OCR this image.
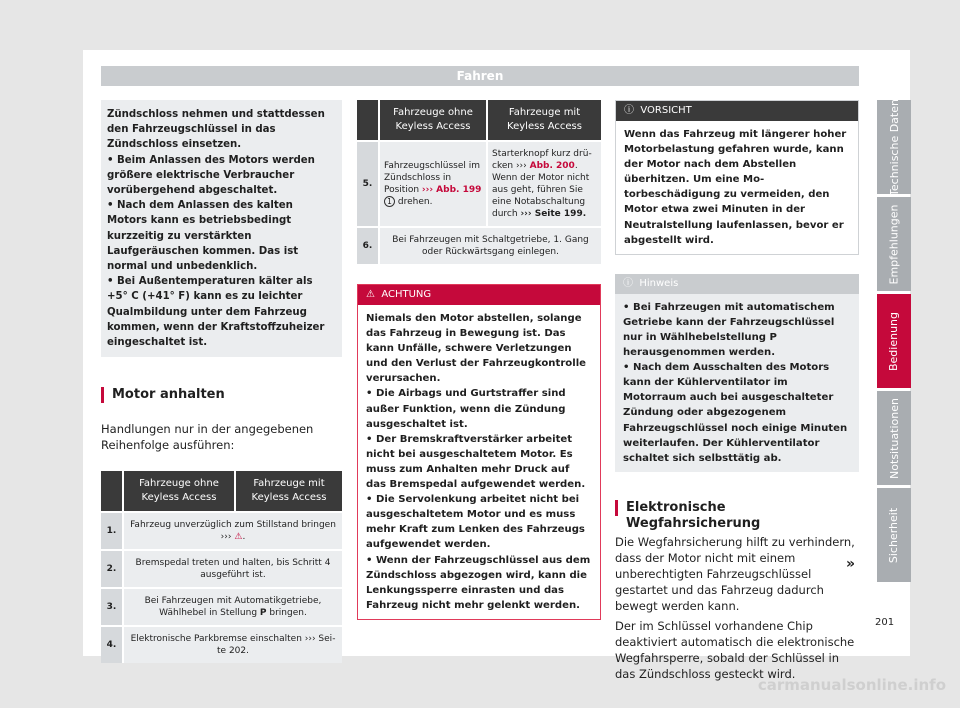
Fahren

Zündschloss nehmen und stattdessen den Fahrzeugschlüssel in das Zündschloss einsetzen.

• Beim Anlassen des Motors werden größere elektrische Verbraucher vorübergehend abgeschaltet.

• Nach dem Anlassen des kalten Motors kann es betriebsbedingt kurzzeitig zu verstärkten Laufgeräuschen kommen. Das ist normal und unbedenklich.

• Bei Außentemperaturen kälter als +5° C (+41° F) kann es zu leichter Qualmbildung unter dem Fahrzeug kommen, wenn der Kraftstoffzuheizer eingeschaltet ist.

Motor anhalten

Handlungen nur in der angegebenen Reihenfolge ausführen:

	Fahrzeuge ohne Keyless Access	Fahrzeuge mit Keyless Access
1.	Fahrzeug unverzüglich zum Stillstand bringen ››› ⚠.	
2.	Bremspedal treten und halten, bis Schritt 4 ausgeführt ist.	
3.	Bei Fahrzeugen mit Automatikgetriebe, Wählhebel in Stellung P bringen.	
4.	Elektronische Parkbremse einschalten ››› Seite 202.	
	Fahrzeuge ohne Keyless Access	Fahrzeuge mit Keyless Access
5.	Fahrzeugschlüssel im Zündschloss in Position ››› Abb. 199 1 drehen.	Starterknopf kurz drücken ››› Abb. 200. Wenn der Motor nicht aus geht, führen Sie eine Notabschaltung durch ››› Seite 199.
6.	Bei Fahrzeugen mit Schaltgetriebe, 1. Gang oder Rückwärtsgang einlegen.	
⚠ ACHTUNG

Niemals den Motor abstellen, solange das Fahrzeug in Bewegung ist. Das kann Unfälle, schwere Verletzungen und den Verlust der Fahrzeugkontrolle verursachen.

• Die Airbags und Gurtstraffer sind außer Funktion, wenn die Zündung ausgeschaltet ist.

• Der Bremskraftverstärker arbeitet nicht bei ausgeschaltetem Motor. Es muss zum Anhalten mehr Druck auf das Bremspedal aufgewendet werden.

• Die Servolenkung arbeitet nicht bei ausgeschaltetem Motor und es muss mehr Kraft zum Lenken des Fahrzeugs aufgewendet werden.

• Wenn der Fahrzeugschlüssel aus dem Zündschloss abgezogen wird, kann die Lenkungssperre einrasten und das Fahrzeug nicht mehr gelenkt werden.

ⓘ VORSICHT
Wenn das Fahrzeug mit längerer hoher Motorbelastung gefahren wurde, kann der Motor nach dem Abstellen überhitzen. Um eine Motorbeschädigung zu vermeiden, den Motor etwa zwei Minuten in der Neutralstellung laufenlassen, bevor er abgestellt wird.
ⓘ Hinweis

• Bei Fahrzeugen mit automatischem Getriebe kann der Fahrzeugschlüssel nur in Wählhebelstellung P herausgenommen werden.

• Nach dem Ausschalten des Motors kann der Kühlerventilator im Motorraum auch bei ausgeschalteter Zündung oder abgezogenem Fahrzeugschlüssel noch einige Minuten weiterlaufen. Der Kühlerventilator schaltet sich selbsttätig ab.

Elektronische Wegfahrsicherung

Die Wegfahrsicherung hilft zu verhindern, dass der Motor nicht mit einem unberechtigten Fahrzeugschlüssel gestartet und das Fahrzeug dadurch bewegt werden kann.

Der im Schlüssel vorhandene Chip deaktiviert automatisch die elektronische Wegfahrsperre, sobald der Schlüssel in das Zündschloss gesteckt wird.

»
Technische Daten
Empfehlungen
Bedienung
Notsituationen
Sicherheit
201
carmanualsonline.info
